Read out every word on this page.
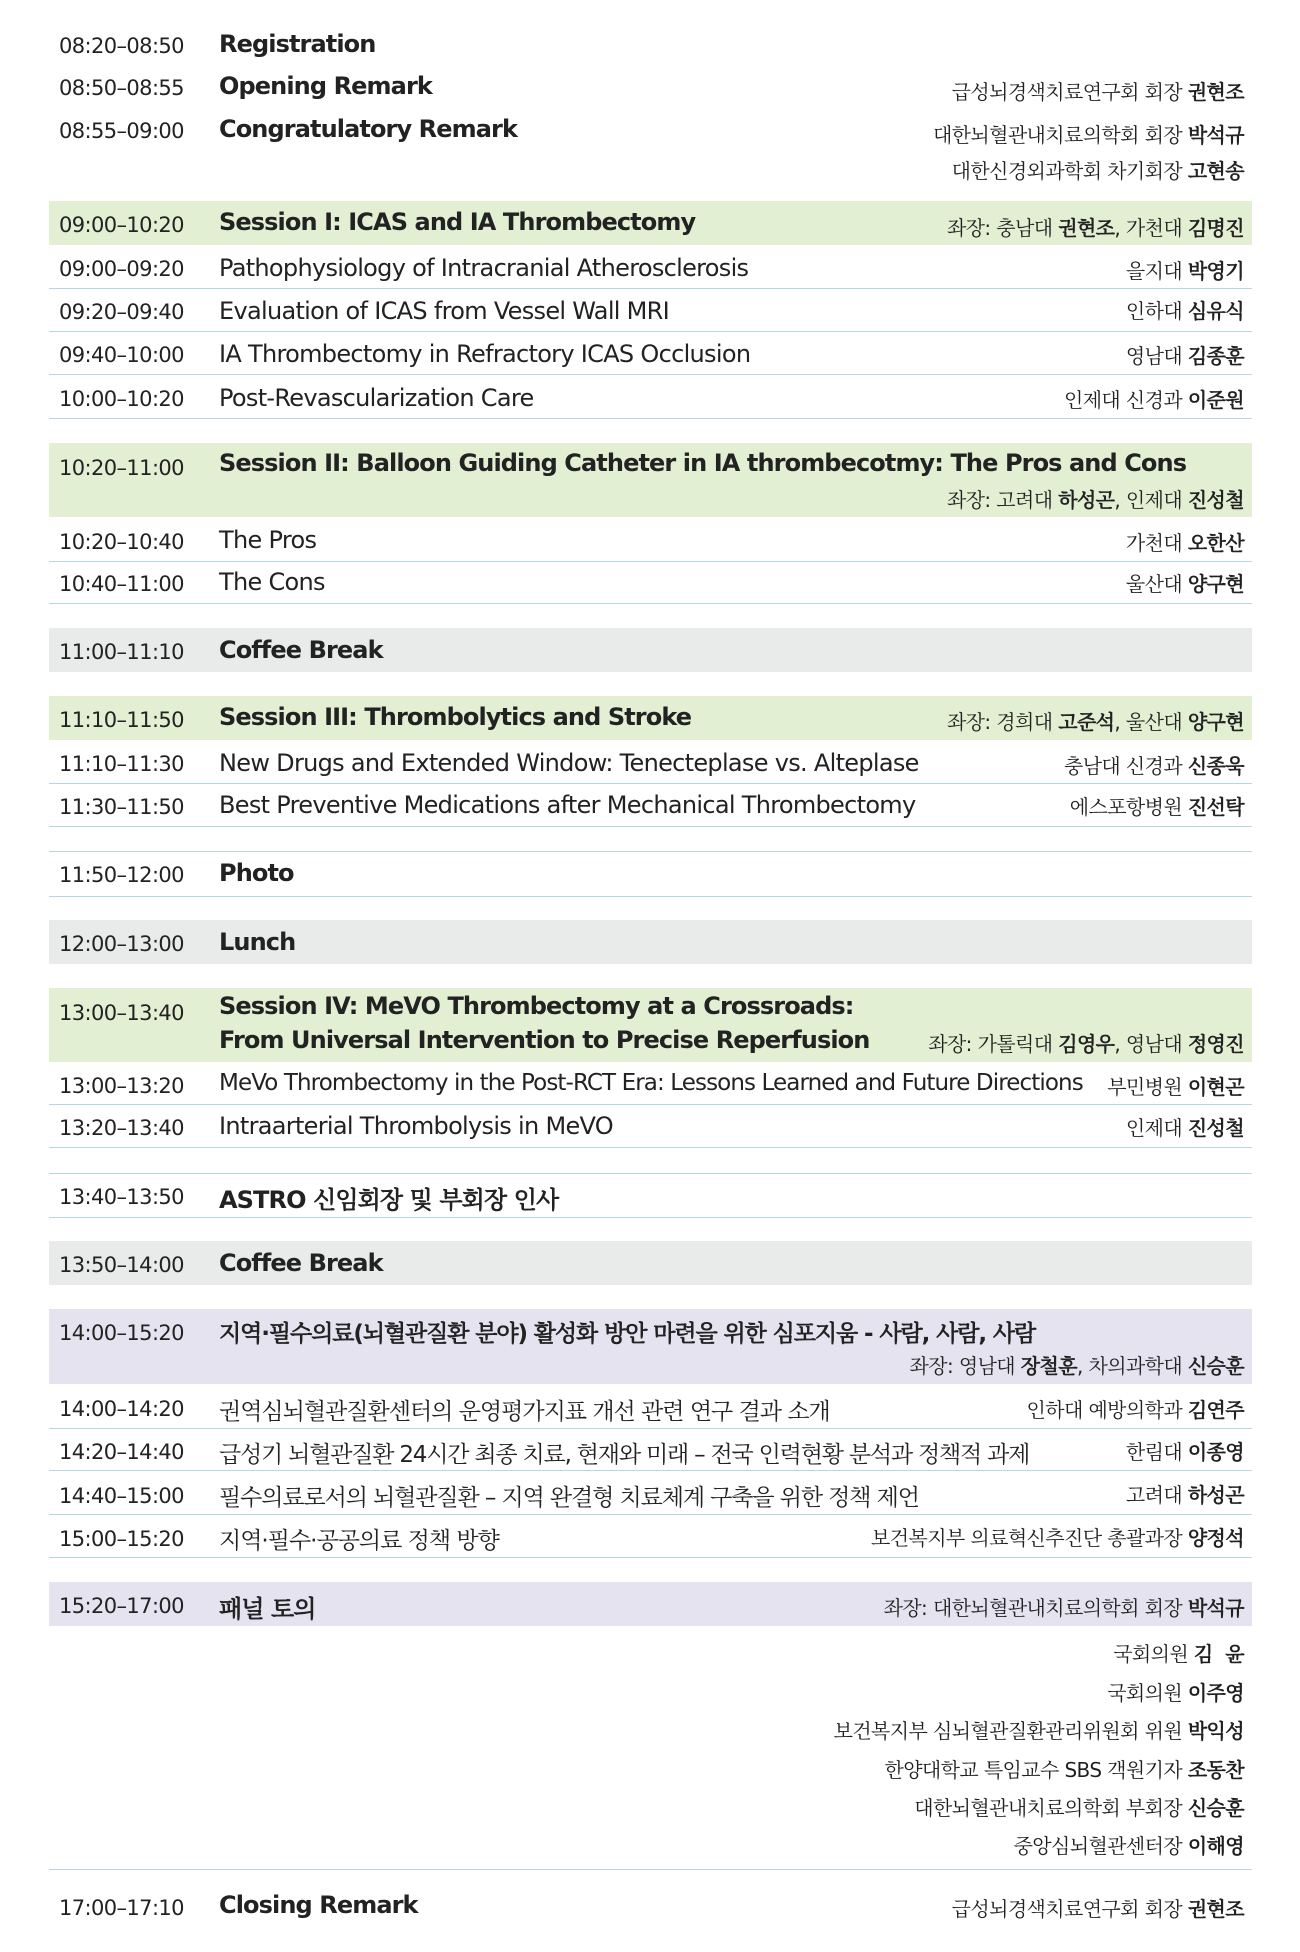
08:20–08:50 Registration
08:50–08:55 Opening Remark	급성뇌경색치료연구회 회장 권현조
08:55–09:00 Congratulatory Remark	대한뇌혈관내치료의학회 회장 박석규
대한신경외과학회 차기회장 고현송
09:00–10:20 Session I: ICAS and IA Thrombectomy	좌장: 충남대 권현조, 가천대 김명진
09:00–09:20 Pathophysiology of Intracranial Atherosclerosis	을지대 박영기
09:20–09:40 Evaluation of ICAS from Vessel Wall MRI	인하대 심유식
09:40–10:00 IA Thrombectomy in Refractory ICAS Occlusion	영남대 김종훈
10:00–10:20 Post-Revascularization Care	인제대 신경과 이준원
10:20–11:00 Session II: Balloon Guiding Catheter in IA thrombecotmy: The Pros and Cons
좌장: 고려대 하성곤, 인제대 진성철
10:20–10:40 The Pros	가천대 오한산
10:40–11:00 The Cons	울산대 양구현
11:00–11:10 Coffee Break
11:10–11:50 Session III: Thrombolytics and Stroke	좌장: 경희대 고준석, 울산대 양구현
11:10–11:30 New Drugs and Extended Window: Tenecteplase vs. Alteplase	충남대 신경과 신종욱
11:30–11:50 Best Preventive Medications after Mechanical Thrombectomy	에스포항병원 진선탁
11:50–12:00 Photo
12:00–13:00 Lunch
13:00–13:40 Session IV: MeVO Thrombectomy at a Crossroads:
From Universal Intervention to Precise Reperfusion	좌장: 가톨릭대 김영우, 영남대 정영진
13:00–13:20 MeVo Thrombectomy in the Post-RCT Era: Lessons Learned and Future Directions 부민병원 이현곤
13:20–13:40 Intraarterial Thrombolysis in MeVO	인제대 진성철
13:40–13:50 ASTRO 신임회장 및 부회장 인사
13:50–14:00 Coffee Break
14:00–15:20 지역·필수의료(뇌혈관질환 분야) 활성화 방안 마련을 위한 심포지움 - 사람, 사람, 사람
좌장: 영남대 장철훈, 차의과학대 신승훈
14:00–14:20 권역심뇌혈관질환센터의 운영평가지표 개선 관련 연구 결과 소개	인하대 예방의학과 김연주
14:20–14:40 급성기 뇌혈관질환 24시간 최종 치료, 현재와 미래 – 전국 인력현황 분석과 정책적 과제	한림대 이종영
14:40–15:00 필수의료로서의 뇌혈관질환 – 지역 완결형 치료체계 구축을 위한 정책 제언	고려대 하성곤
15:00–15:20 지역·필수·공공의료 정책 방향	보건복지부 의료혁신추진단 총괄과장 양정석
15:20–17:00 패널 토의	좌장: 대한뇌혈관내치료의학회 회장 박석규
국회의원 김  윤
국회의원 이주영
보건복지부 심뇌혈관질환관리위원회 위원 박익성
한양대학교 특임교수 SBS 객원기자 조동찬
대한뇌혈관내치료의학회 부회장 신승훈
중앙심뇌혈관센터장 이해영
17:00–17:10 Closing Remark	급성뇌경색치료연구회 회장 권현조
